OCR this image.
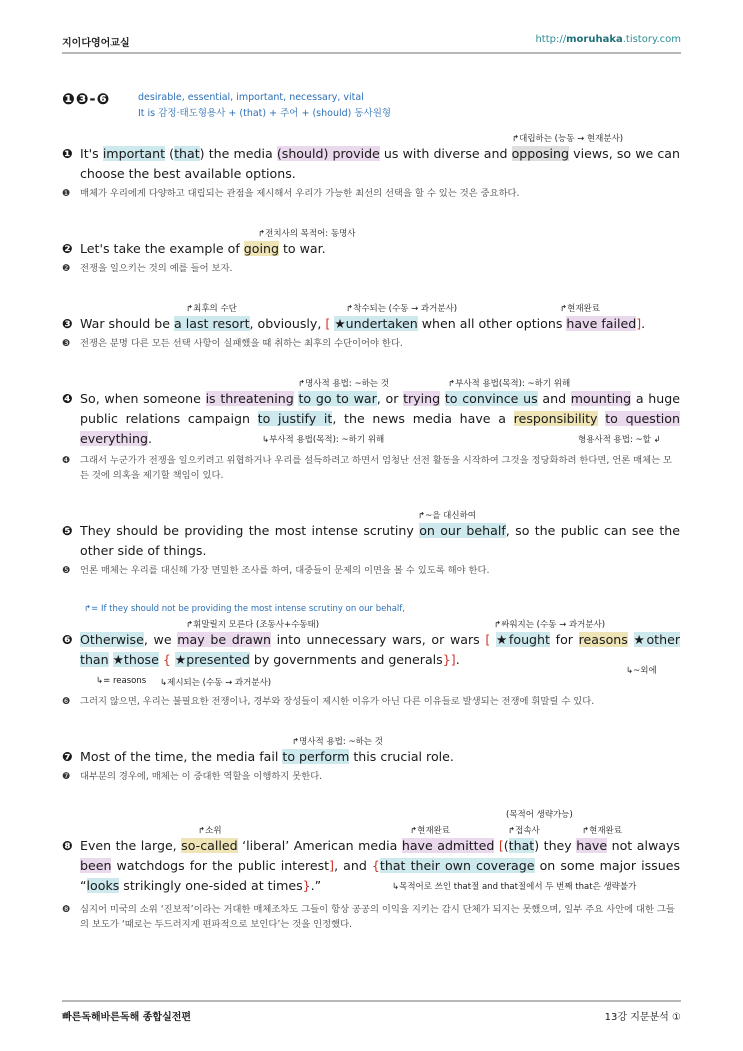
지이다영어교실	http://moruhaka.tistory.com
❶❸-❻	desirable, essential, important, necessary, vital
It is 감정·태도형용사 + (that) + 주어 + (should) 동사원형
↱대립하는 (능동 → 현재분사)
❶ It's important (that) the media (should) provide us with diverse and opposing views, so we can choose the best available options.
❶ 매체가 우리에게 다양하고 대립되는 관점을 제시해서 우리가 가능한 최선의 선택을 할 수 있는 것은 중요하다.
↱전치사의 목적어: 동명사
❷ Let's take the example of going to war.
❷ 전쟁을 일으키는 것의 예를 들어 보자.
↱최후의 수단	↱착수되는 (수동 → 과거분사)	↱현재완료
❸ War should be a last resort, obviously, [ ★undertaken when all other options have failed].
❸ 전쟁은 분명 다른 모든 선택 사항이 실패했을 때 취하는 최후의 수단이어야 한다.
↱명사적 용법: ~하는 것	↱부사적 용법(목적): ~하기 위해
❹ So, when someone is threatening to go to war, or trying to convince us and mounting a huge public relations campaign to justify it, the news media have a responsibility to question everything.	↳부사적 용법(목적): ~하기 위해	형용사적 용법: ~할 ↲
❹ 그래서 누군가가 전쟁을 일으키려고 위협하거나 우리를 설득하려고 하면서 엄청난 선전 활동을 시작하여 그것을 정당화하려 한다면, 언론 매체는 모든 것에 의혹을 제기할 책임이 있다.
↱~을 대신하여
❺ They should be providing the most intense scrutiny on our behalf, so the public can see the other side of things.
❺ 언론 매체는 우리를 대신해 가장 면밀한 조사를 하여, 대중들이 문제의 이면을 볼 수 있도록 해야 한다.
↱= If they should not be providing the most intense scrutiny on our behalf,
↱휘말릴지 모른다 (조동사+수동태)	↱싸워지는 (수동 → 과거분사)
❻ Otherwise, we may be drawn into unnecessary wars, or wars [ ★fought for reasons ★other than ★those { ★presented by governments and generals}].
↳= reasons ↳제시되는 (수동 → 과거분사)
↳~외에
❻ 그러지 않으면, 우리는 불필요한 전쟁이나, 경부와 장성들이 제시한 이유가 아닌 다른 이유들로 발생되는 전쟁에 휘말릴 수 있다.
↱명사적 용법: ~하는 것
❼ Most of the time, the media fail to perform this crucial role.
❼ 대부분의 경우에, 매체는 이 중대한 역할을 이행하지 못한다.
(목적어 생략가능)
↱소위	↱현재완료	↱접속사	↱현재완료
❽ Even the large, so-called ‘liberal’ American media have admitted [(that) they have not always been watchdogs for the public interest], and {that their own coverage on some major issues “looks strikingly one-sided at times}.”	↳목적어로 쓰인 that절 and that절에서 두 번째 that은 생략불가
❽ 심지어 미국의 소위 ‘진보적’이라는 거대한 매체조차도 그들이 항상 공공의 이익을 지키는 감시 단체가 되지는 못했으며, 일부 주요 사안에 대한 그들의 보도가 ‘때로는 두드러지게 편파적으로 보인다’는 것을 인정했다.
빠른독해바른독해 종합실전편	13강 지문분석 ①
